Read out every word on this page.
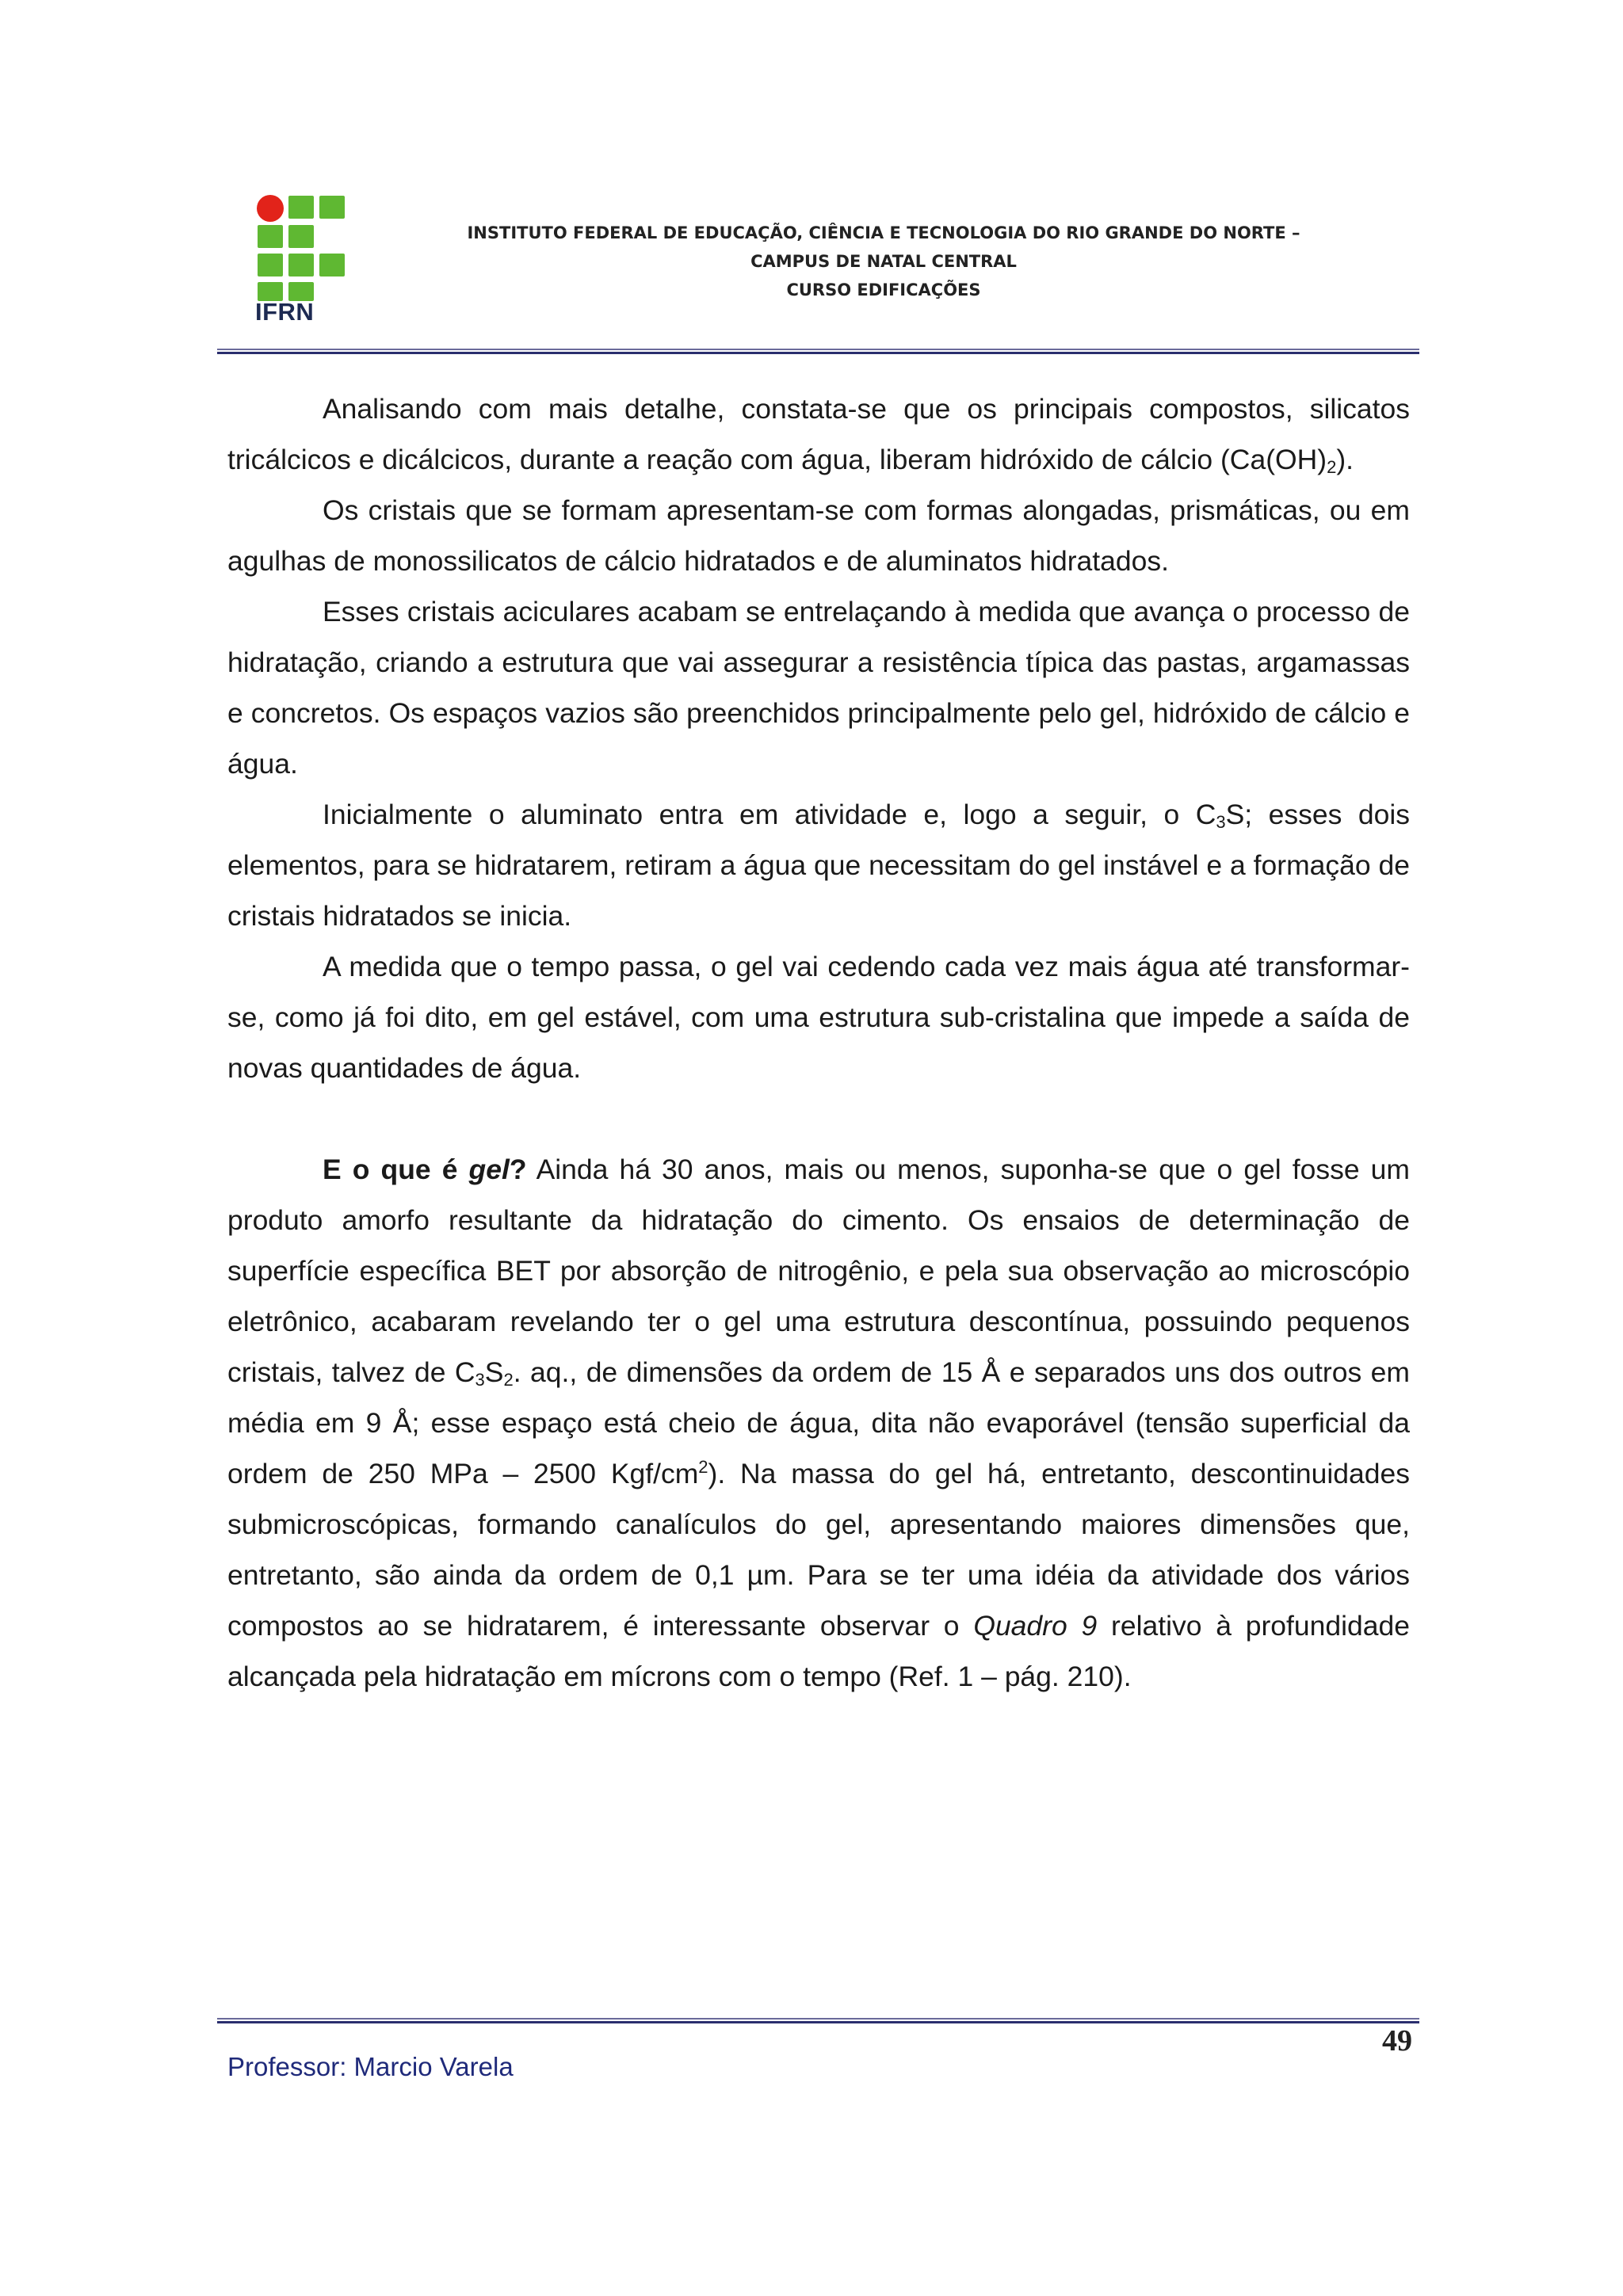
IFRN
INSTITUTO FEDERAL DE EDUCAÇÃO, CIÊNCIA E TECNOLOGIA DO RIO GRANDE DO NORTE –
CAMPUS DE NATAL CENTRAL
CURSO EDIFICAÇÕES

Analisando com mais detalhe, constata-se que os principais compostos, silicatos tricálcicos e dicálcicos, durante a reação com água, liberam hidróxido de cálcio $(Ca(OH)_2)$.

Os cristais que se formam apresentam-se com formas alongadas, prismáticas, ou em agulhas de monossilicatos de cálcio hidratados e de aluminatos hidratados.

Esses cristais aciculares acabam se entrelaçando à medida que avança o processo de hidratação, criando a estrutura que vai assegurar a resistência típica das pastas, argamassas e concretos. Os espaços vazios são preenchidos principalmente pelo gel, hidróxido de cálcio e água.

Inicialmente o aluminato entra em atividade e, logo a seguir, o $C_3S$; esses dois elementos, para se hidratarem, retiram a água que necessitam do gel instável e a formação de cristais hidratados se inicia.

A medida que o tempo passa, o gel vai cedendo cada vez mais água até transformar-se, como já foi dito, em gel estável, com uma estrutura sub-cristalina que impede a saída de novas quantidades de água.

E o que é gel? Ainda há 30 anos, mais ou menos, suponha-se que o gel fosse um produto amorfo resultante da hidratação do cimento. Os ensaios de determinação de superfície específica BET por absorção de nitrogênio, e pela sua observação ao microscópio eletrônico, acabaram revelando ter o gel uma estrutura descontínua, possuindo pequenos cristais, talvez de $C_3S_2$. aq., de dimensões da ordem de 15 Å e separados uns dos outros em média em 9 Å; esse espaço está cheio de água, dita não evaporável (tensão superficial da ordem de 250 MPa – 2500 Kgf/$cm^2$). Na massa do gel há, entretanto, descontinuidades submicroscópicas, formando canalículos do gel, apresentando maiores dimensões que, entretanto, são ainda da ordem de 0,1 µm. Para se ter uma idéia da atividade dos vários compostos ao se hidratarem, é interessante observar o Quadro 9 relativo à profundidade alcançada pela hidratação em mícrons com o tempo (Ref. 1 – pág. 210).

49
Professor: Marcio Varela
